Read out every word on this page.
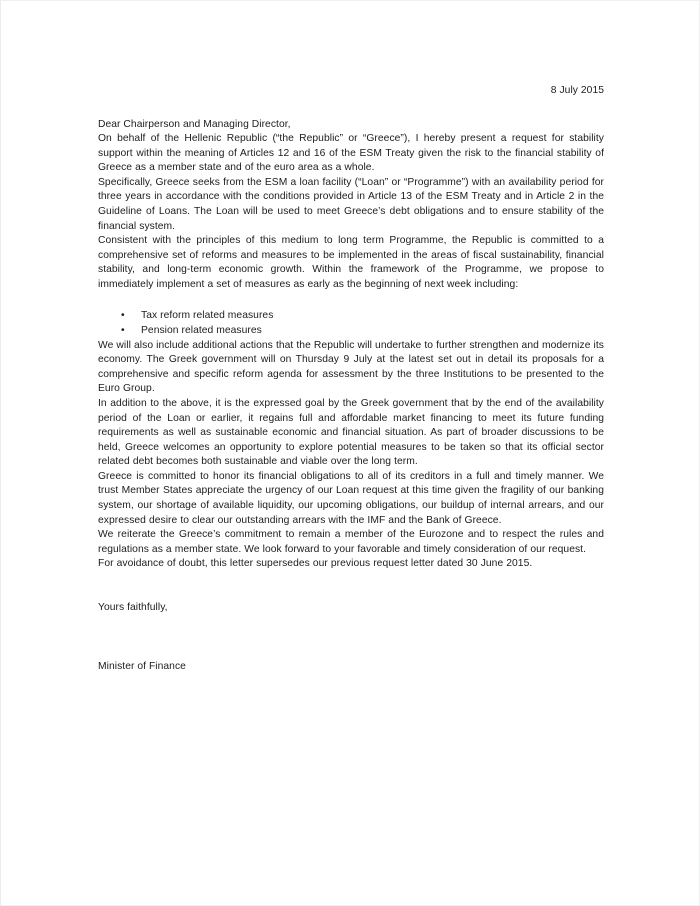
8 July 2015
Dear Chairperson and Managing Director,

On behalf of the Hellenic Republic (“the Republic” or “Greece”), I hereby present a request for stability support within the meaning of Articles 12 and 16 of the ESM Treaty given the risk to the financial stability of Greece as a member state and of the euro area as a whole.

Specifically, Greece seeks from the ESM a loan facility (“Loan” or “Programme”) with an availability period for three years in accordance with the conditions provided in Article 13 of the ESM Treaty and in Article 2 in the Guideline of Loans. The Loan will be used to meet Greece’s debt obligations and to ensure stability of the financial system.

Consistent with the principles of this medium to long term Programme, the Republic is committed to a comprehensive set of reforms and measures to be implemented in the areas of fiscal sustainability, financial stability, and long-term economic growth. Within the framework of the Programme, we propose to immediately implement a set of measures as early as the beginning of next week including:

• Tax reform related measures
• Pension related measures

We will also include additional actions that the Republic will undertake to further strengthen and modernize its economy. The Greek government will on Thursday 9 July at the latest set out in detail its proposals for a comprehensive and specific reform agenda for assessment by the three Institutions to be presented to the Euro Group.

In addition to the above, it is the expressed goal by the Greek government that by the end of the availability period of the Loan or earlier, it regains full and affordable market financing to meet its future funding requirements as well as sustainable economic and financial situation. As part of broader discussions to be held, Greece welcomes an opportunity to explore potential measures to be taken so that its official sector related debt becomes both sustainable and viable over the long term.

Greece is committed to honor its financial obligations to all of its creditors in a full and timely manner. We trust Member States appreciate the urgency of our Loan request at this time given the fragility of our banking system, our shortage of available liquidity, our upcoming obligations, our buildup of internal arrears, and our expressed desire to clear our outstanding arrears with the IMF and the Bank of Greece.

We reiterate the Greece’s commitment to remain a member of the Eurozone and to respect the rules and regulations as a member state. We look forward to your favorable and timely consideration of our request.

For avoidance of doubt, this letter supersedes our previous request letter dated 30 June 2015.

Yours faithfully,
Minister of Finance
